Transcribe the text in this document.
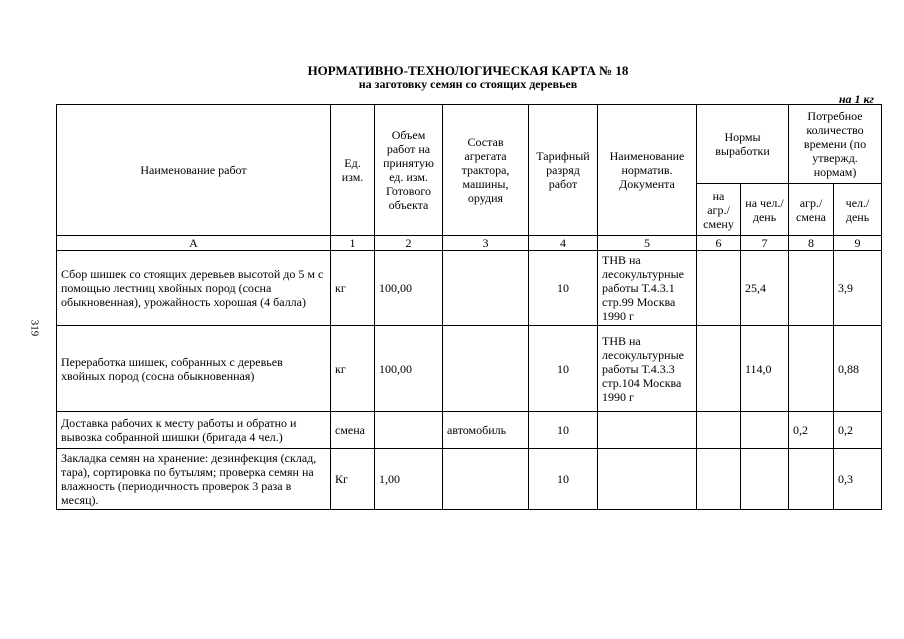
НОРМАТИВНО-ТЕХНОЛОГИЧЕСКАЯ КАРТА № 18
на заготовку семян со стоящих деревьев
на 1 кг
319
Наименование работ	Ед. изм.	Объем работ на принятую ед. изм. Готового объекта	Состав агрегата трактора, машины, орудия	Тарифный разряд работ	Наименование норматив. Документа	Нормы выработки		Потребное количество времени (по утвержд. нормам)	
						на агр./ смену	на чел./ день	агр./ смена	чел./ день
А	1	2	3	4	5	6	7	8	9
Сбор шишек со стоящих деревьев высотой до 5 м с помощью лестниц хвойных пород (сосна обыкновенная), урожайность хорошая (4 балла)	кг	100,00		10	ТНВ на лесокультурные работы Т.4.3.1 стр.99 Москва 1990 г		25,4		3,9
Переработка шишек, собранных с деревьев хвойных пород (сосна обыкновенная)	кг	100,00		10	ТНВ на лесокультурные работы Т.4.3.3 стр.104 Москва 1990 г		114,0		0,88
Доставка рабочих к месту работы и обратно и вывозка собранной шишки (бригада 4 чел.)	смена		автомобиль	10				0,2	0,2
Закладка семян на хранение: дезинфекция (склад, тара), сортировка по бутылям; проверка семян на влажность (периодичность проверок 3 раза в месяц).	Кг	1,00		10					0,3
